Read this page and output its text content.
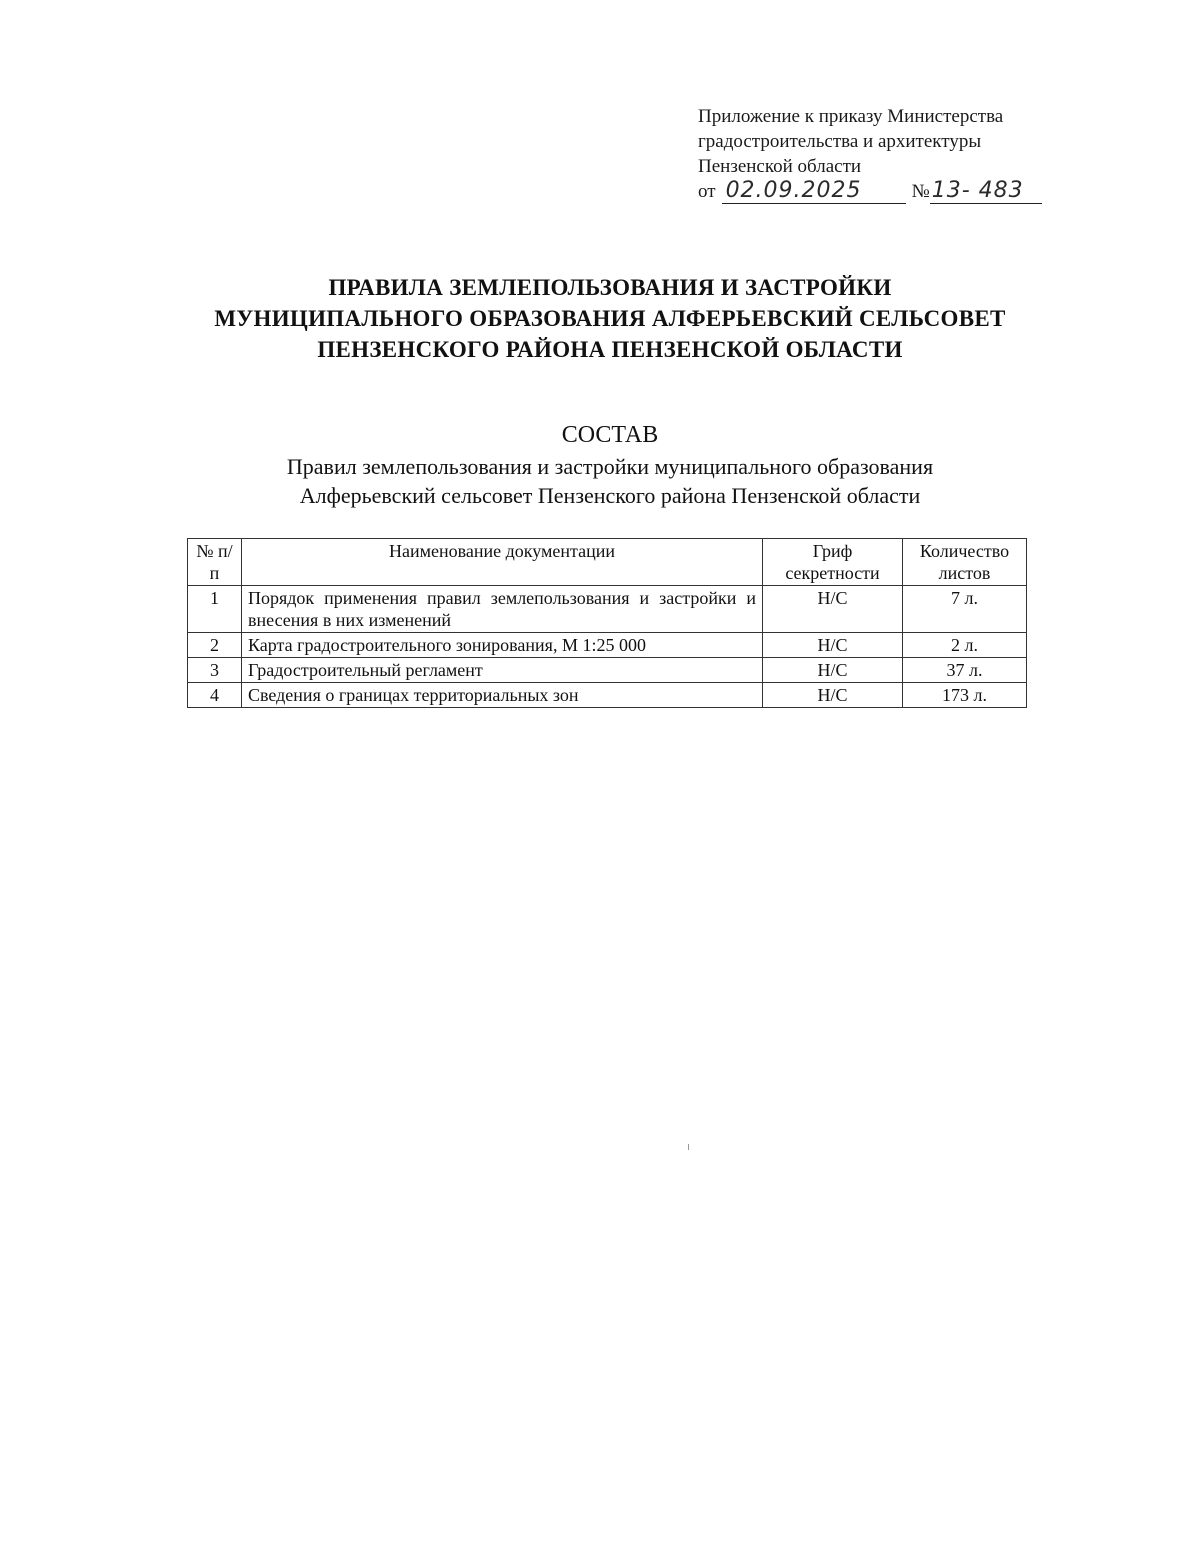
Приложение к приказу Министерства
градостроительства и архитектуры
Пензенской области
от 02.09.2025	№ 13- 483
ПРАВИЛА ЗЕМЛЕПОЛЬЗОВАНИЯ И ЗАСТРОЙКИ
МУНИЦИПАЛЬНОГО ОБРАЗОВАНИЯ АЛФЕРЬЕВСКИЙ СЕЛЬСОВЕТ
ПЕНЗЕНСКОГО РАЙОНА ПЕНЗЕНСКОЙ ОБЛАСТИ
СОСТАВ
Правил землепользования и застройки муниципального образования
Алферьевский сельсовет Пензенского района Пензенской области
№ п/п	Наименование документации	Гриф секретности	Количество листов
1	Порядок применения правил землепользования и застройки и внесения в них изменений	Н/С	7 л.
2	Карта градостроительного зонирования, М 1:25 000	Н/С	2 л.
3	Градостроительный регламент	Н/С	37 л.
4	Сведения о границах территориальных зон	Н/С	173 л.
